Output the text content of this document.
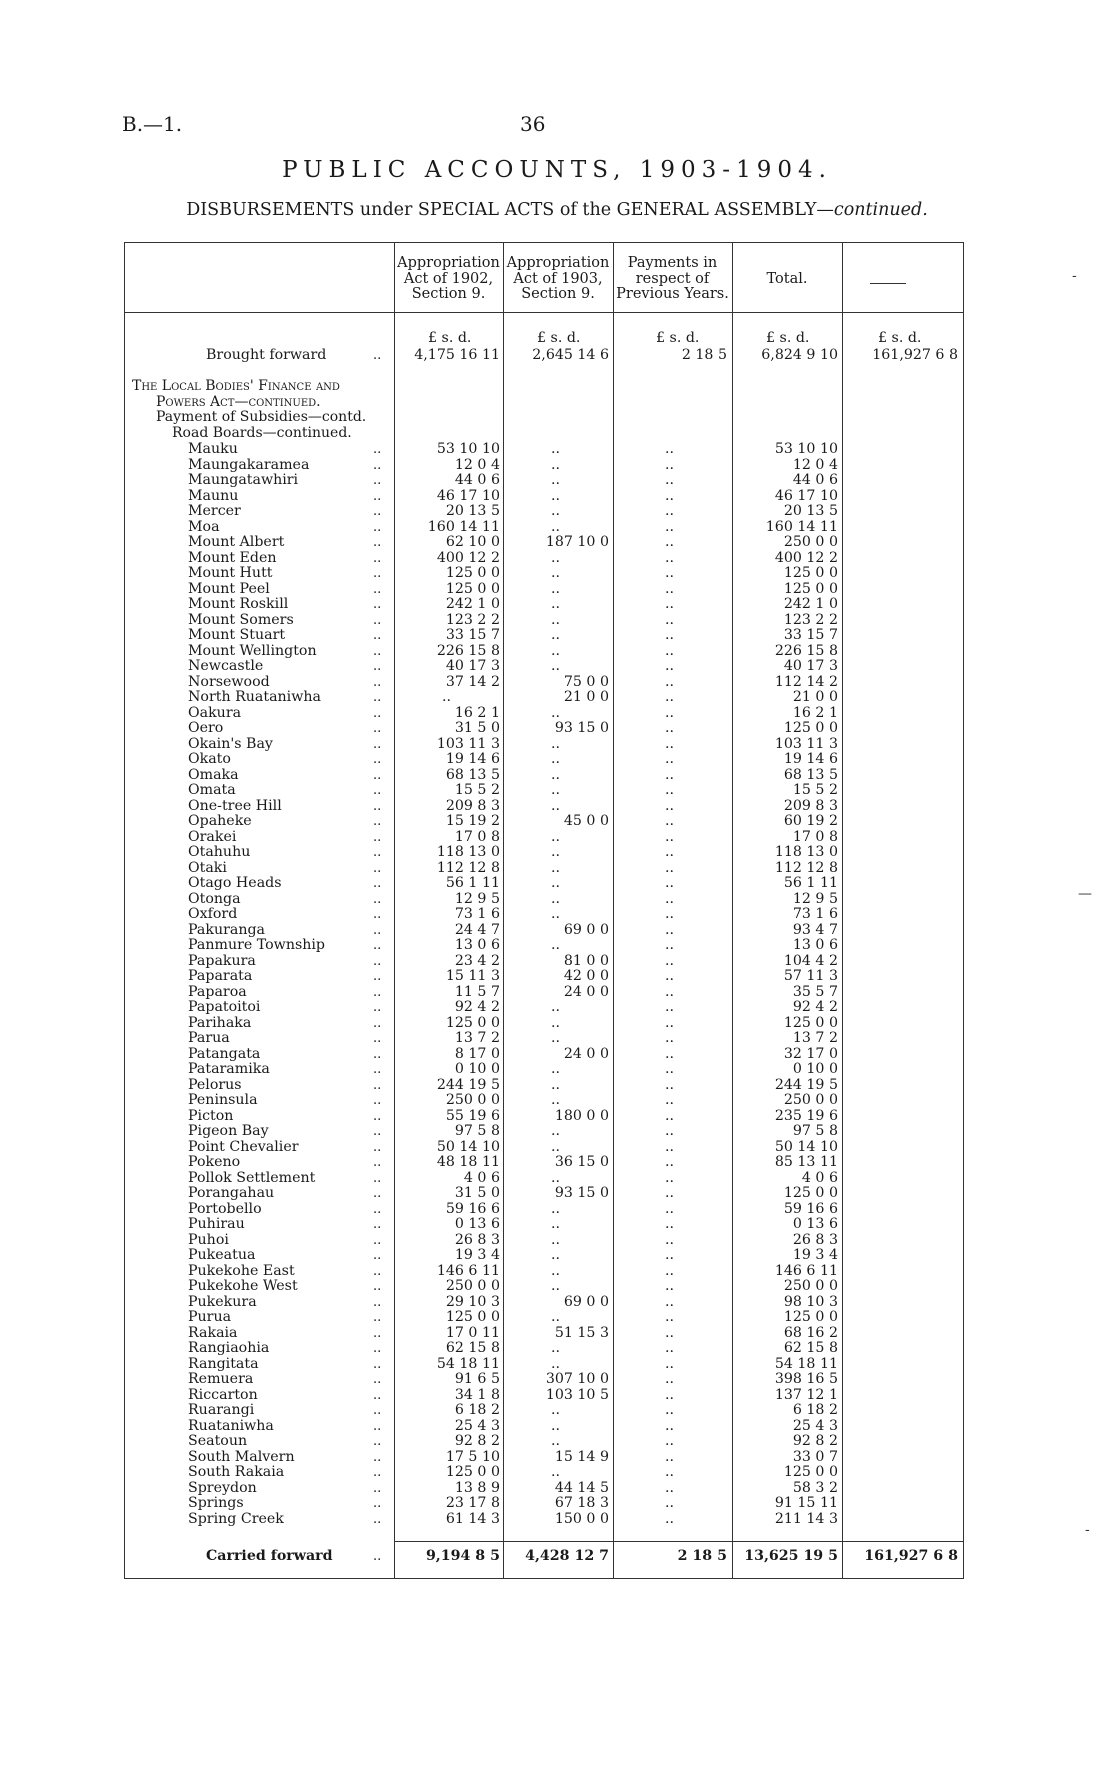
B.—1.	36
PUBLIC ACCOUNTS, 1903-1904.
DISBURSEMENTS under SPECIAL ACTS of the GENERAL ASSEMBLY—continued.
Appropriation
Act of 1902,
Section 9.
Appropriation
Act of 1903,
Section 9.
Payments in
respect of
Previous Years.
Total.
£ s. d.	£ s. d.	£ s. d.	£ s. d.	£ s. d.
Brought forward	..	4,175 16 11	2,645 14 6	2 18 5	6,824 9 10	161,927 6 8
The Local Bodies' Finance and
Powers Act—continued.
Payment of Subsidies—contd.
Road Boards—continued.
Mauku	..	53 10 10	..	..	53 10 10
Maungakaramea	..	12 0 4	..	..	12 0 4
Maungatawhiri	..	44 0 6	..	..	44 0 6
Maunu	..	46 17 10	..	..	46 17 10
Mercer	..	20 13 5	..	..	20 13 5
Moa	..	160 14 11	..	..	160 14 11
Mount Albert	..	62 10 0	187 10 0	..	250 0 0
Mount Eden	..	400 12 2	..	..	400 12 2
Mount Hutt	..	125 0 0	..	..	125 0 0
Mount Peel	..	125 0 0	..	..	125 0 0
Mount Roskill	..	242 1 0	..	..	242 1 0
Mount Somers	..	123 2 2	..	..	123 2 2
Mount Stuart	..	33 15 7	..	..	33 15 7
Mount Wellington	..	226 15 8	..	..	226 15 8
Newcastle	..	40 17 3	..	..	40 17 3
Norsewood	..	37 14 2	75 0 0	..	112 14 2
North Ruataniwha	..	..	21 0 0	..	21 0 0
Oakura	..	16 2 1	..	..	16 2 1
Oero	..	31 5 0	93 15 0	..	125 0 0
Okain's Bay	..	103 11 3	..	..	103 11 3
Okato	..	19 14 6	..	..	19 14 6
Omaka	..	68 13 5	..	..	68 13 5
Omata	..	15 5 2	..	..	15 5 2
One-tree Hill	..	209 8 3	..	..	209 8 3
Opaheke	..	15 19 2	45 0 0	..	60 19 2
Orakei	..	17 0 8	..	..	17 0 8
Otahuhu	..	118 13 0	..	..	118 13 0
Otaki	..	112 12 8	..	..	112 12 8
Otago Heads	..	56 1 11	..	..	56 1 11
Otonga	..	12 9 5	..	..	12 9 5
Oxford	..	73 1 6	..	..	73 1 6
Pakuranga	..	24 4 7	69 0 0	..	93 4 7
Panmure Township	..	13 0 6	..	..	13 0 6
Papakura	..	23 4 2	81 0 0	..	104 4 2
Paparata	..	15 11 3	42 0 0	..	57 11 3
Paparoa	..	11 5 7	24 0 0	..	35 5 7
Papatoitoi	..	92 4 2	..	..	92 4 2
Parihaka	..	125 0 0	..	..	125 0 0
Parua	..	13 7 2	..	..	13 7 2
Patangata	..	8 17 0	24 0 0	..	32 17 0
Pataramika	..	0 10 0	..	..	0 10 0
Pelorus	..	244 19 5	..	..	244 19 5
Peninsula	..	250 0 0	..	..	250 0 0
Picton	..	55 19 6	180 0 0	..	235 19 6
Pigeon Bay	..	97 5 8	..	..	97 5 8
Point Chevalier	..	50 14 10	..	..	50 14 10
Pokeno	..	48 18 11	36 15 0	..	85 13 11
Pollok Settlement	..	4 0 6	..	..	4 0 6
Porangahau	..	31 5 0	93 15 0	..	125 0 0
Portobello	..	59 16 6	..	..	59 16 6
Puhirau	..	0 13 6	..	..	0 13 6
Puhoi	..	26 8 3	..	..	26 8 3
Pukeatua	..	19 3 4	..	..	19 3 4
Pukekohe East	..	146 6 11	..	..	146 6 11
Pukekohe West	..	250 0 0	..	..	250 0 0
Pukekura	..	29 10 3	69 0 0	..	98 10 3
Purua	..	125 0 0	..	..	125 0 0
Rakaia	..	17 0 11	51 15 3	..	68 16 2
Rangiaohia	..	62 15 8	..	..	62 15 8
Rangitata	..	54 18 11	..	..	54 18 11
Remuera	..	91 6 5	307 10 0	..	398 16 5
Riccarton	..	34 1 8	103 10 5	..	137 12 1
Ruarangi	..	6 18 2	..	..	6 18 2
Ruataniwha	..	25 4 3	..	..	25 4 3
Seatoun	..	92 8 2	..	..	92 8 2
South Malvern	..	17 5 10	15 14 9	..	33 0 7
South Rakaia	..	125 0 0	..	..	125 0 0
Spreydon	..	13 8 9	44 14 5	..	58 3 2
Springs	..	23 17 8	67 18 3	..	91 15 11
Spring Creek	..	61 14 3	150 0 0	..	211 14 3
Carried forward	..	9,194 8 5	4,428 12 7	2 18 5	13,625 19 5	161,927 6 8
-
—
-
